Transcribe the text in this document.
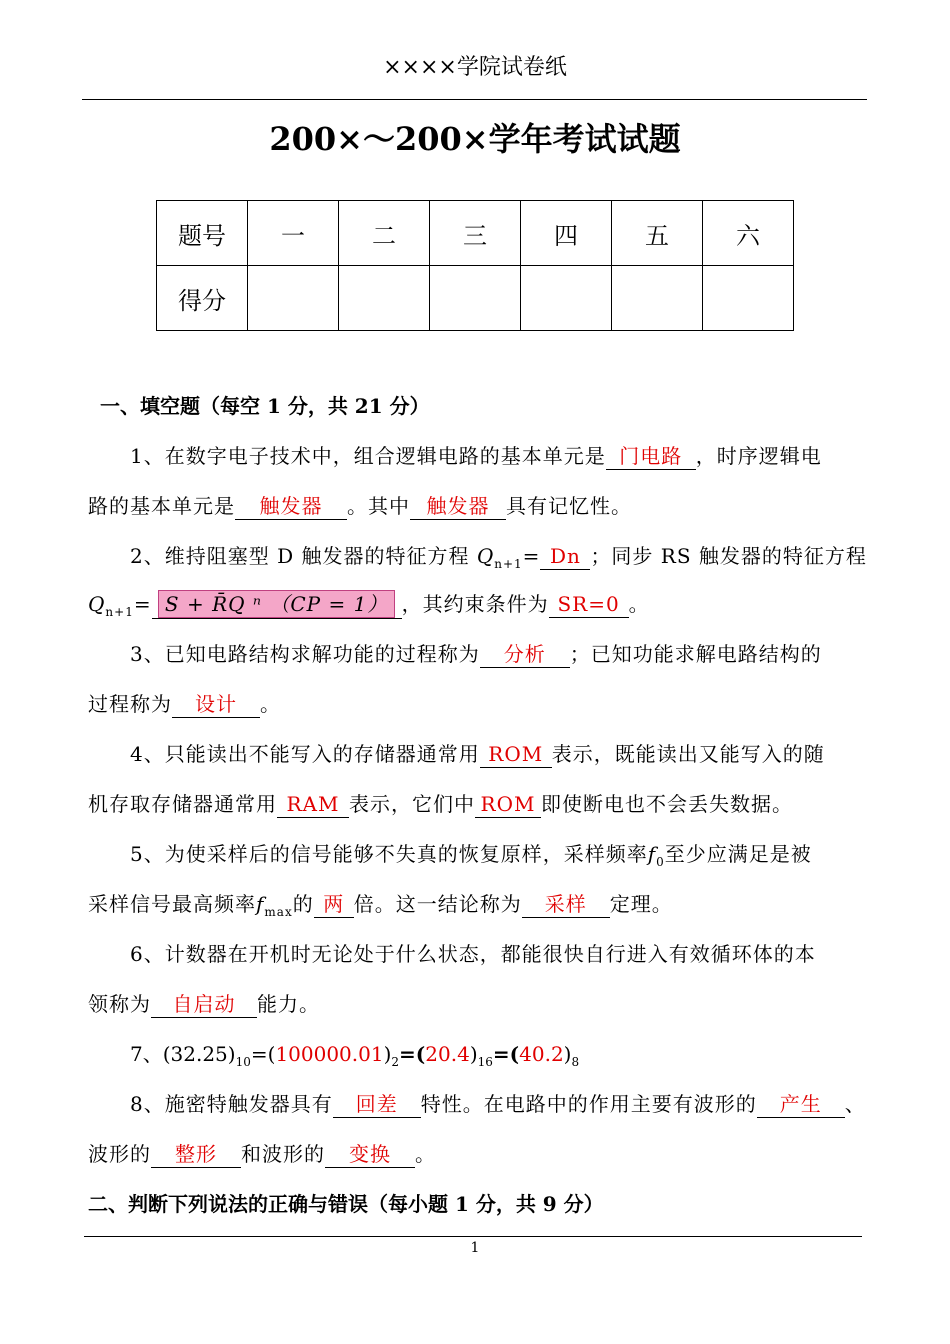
××××学院试卷纸
200×～200×学年考试试题
题号	一	二	三	四	五	六
得分						
一、填空题（每空 1 分，共 21 分）
1、在数字电子技术中，组合逻辑电路的基本单元是 门电路 ，时序逻辑电
路的基本单元是 触发器 。其中 触发器 具有记忆性。
2、维持阻塞型 D 触发器的特征方程 $Q_{n+1}= Dn$ ；同步 RS 触发器的特征方程
$Q_{n+1}= S$ + R̄Q ⁿ （CP = 1） ，其约束条件为 SR=0 。
3、已知电路结构求解功能的过程称为 分析 ；已知功能求解电路结构的
过程称为 设计 。
4、只能读出不能写入的存储器通常用 ROM 表示，既能读出又能写入的随
机存取存储器通常用 RAM 表示，它们中 ROM 即使断电也不会丢失数据。
5、为使采样后的信号能够不失真的恢复原样，采样频率$f_0$至少应满足是被
采样信号最高频率$f_{max}$的 两 倍。这一结论称为 采样 定理。
6、计数器在开机时无论处于什么状态，都能很快自行进入有效循环体的本
领称为 自启动 能力。
7、$(32.25)_{10}=(100000.01)_2=(20.4)_{16}=(40.2)_8$
8、施密特触发器具有 回差 特性。在电路中的作用主要有波形的 产生 、
波形的 整形 和波形的 变换 。
二、判断下列说法的正确与错误（每小题 1 分，共 9 分）
1
